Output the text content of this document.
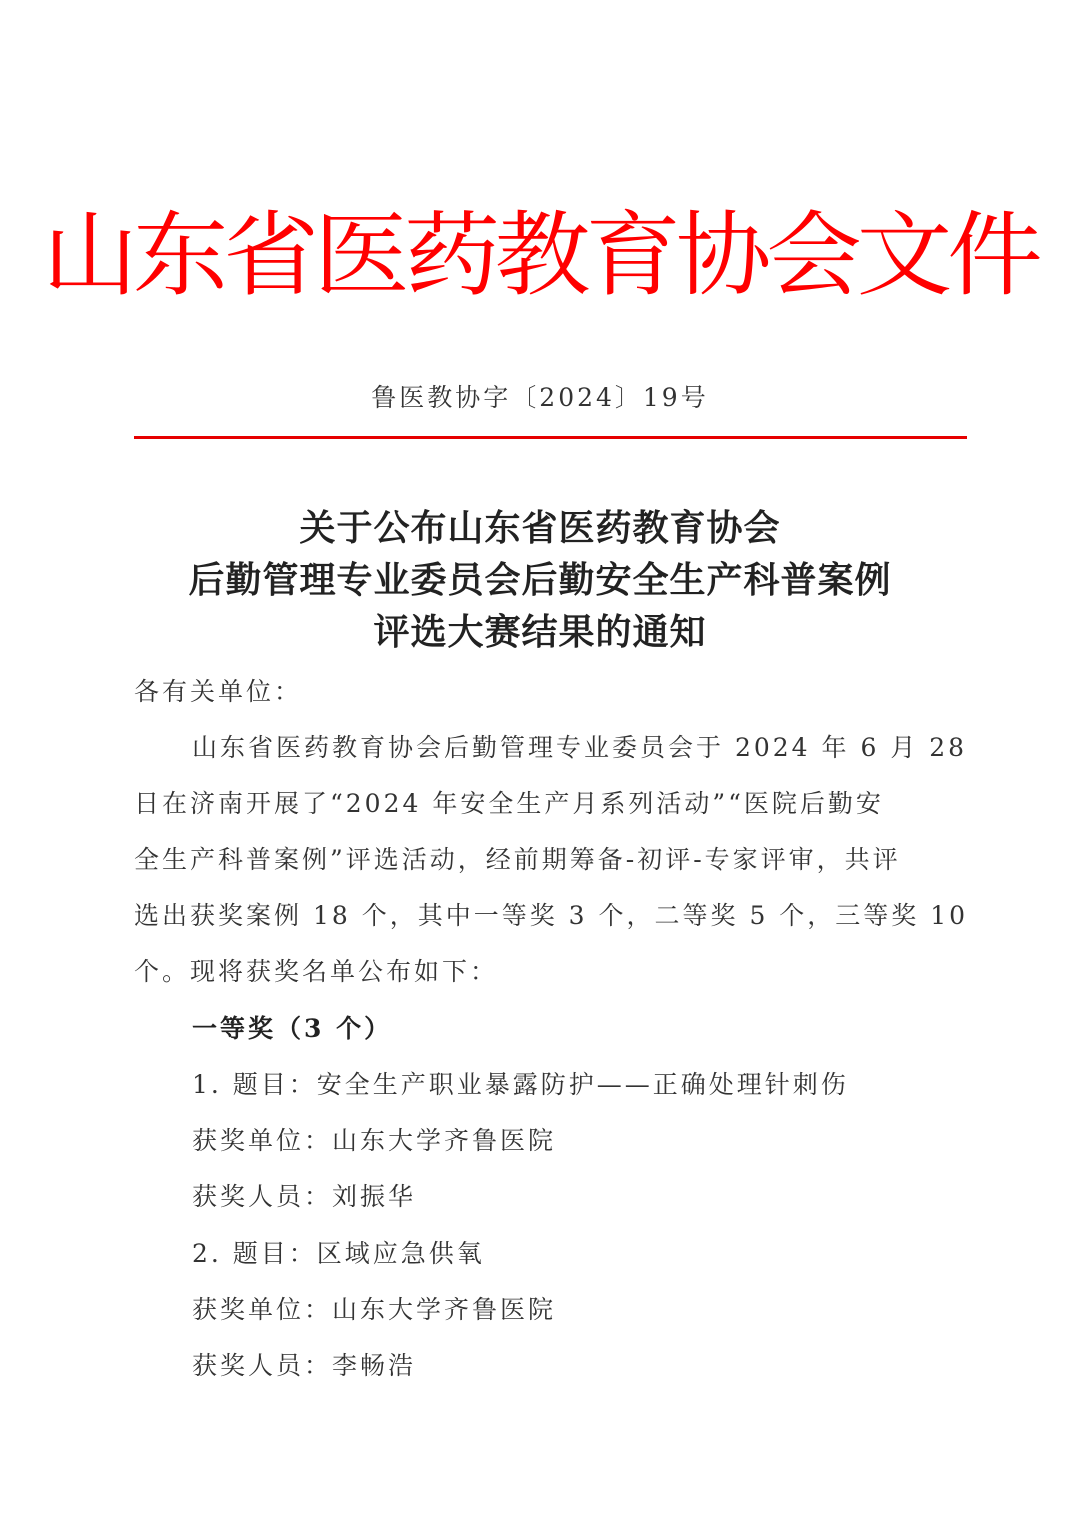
山东省医药教育协会文件
鲁医教协字〔2024〕19号
关于公布山东省医药教育协会
后勤管理专业委员会后勤安全生产科普案例
评选大赛结果的通知
各有关单位：
山东省医药教育协会后勤管理专业委员会于 2024 年 6 月 28
日在济南开展了“2024 年安全生产月系列活动”“医院后勤安
全生产科普案例”评选活动，经前期筹备-初评-专家评审，共评
选出获奖案例 18 个，其中一等奖 3 个，二等奖 5 个，三等奖 10
个。现将获奖名单公布如下：
一等奖（3 个）
1. 题目：安全生产职业暴露防护——正确处理针刺伤
获奖单位：山东大学齐鲁医院
获奖人员：刘振华
2. 题目：区域应急供氧
获奖单位：山东大学齐鲁医院
获奖人员：李畅浩
